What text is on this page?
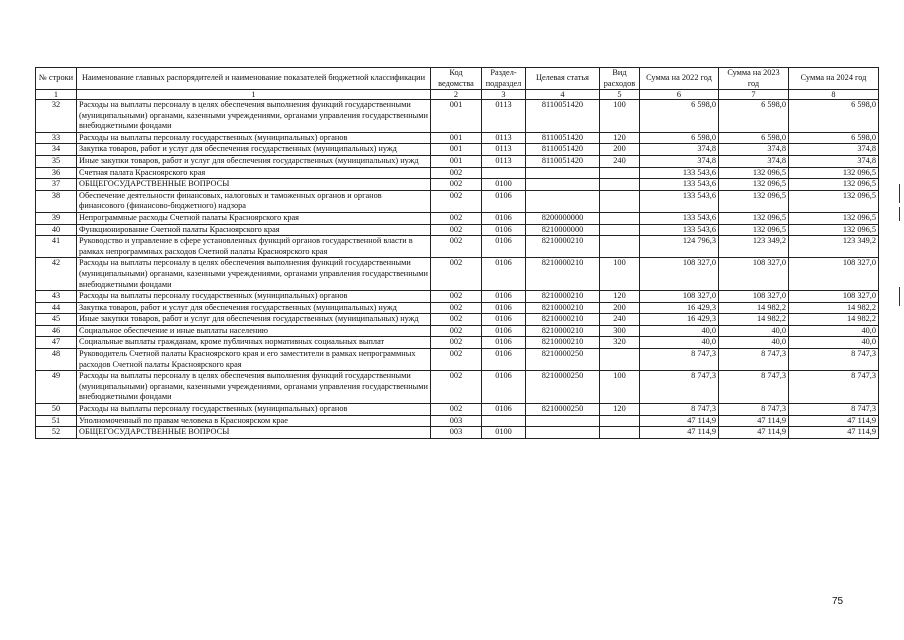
№ строки	Наименование главных распорядителей и наименование показателей бюджетной классификации	Код ведомства	Раздел-подраздел	Целевая статья	Вид расходов	Сумма на 2022 год	Сумма на 2023 год	Сумма на 2024 год
1	1	2	3	4	5	6	7	8
32	Расходы на выплаты персоналу в целях обеспечения выполнения функций государственными (муниципальными) органами, казенными учреждениями, органами управления государственными внебюджетными фондами	001	0113	8110051420	100	6 598,0	6 598,0	6 598,0
33	Расходы на выплаты персоналу государственных (муниципальных) органов	001	0113	8110051420	120	6 598,0	6 598,0	6 598,0
34	Закупка товаров, работ и услуг для обеспечения государственных (муниципальных) нужд	001	0113	8110051420	200	374,8	374,8	374,8
35	Иные закупки товаров, работ и услуг для обеспечения государственных (муниципальных) нужд	001	0113	8110051420	240	374,8	374,8	374,8
36	Счетная палата Красноярского края	002				133 543,6	132 096,5	132 096,5
37	ОБЩЕГОСУДАРСТВЕННЫЕ ВОПРОСЫ	002	0100			133 543,6	132 096,5	132 096,5
38	Обеспечение деятельности финансовых, налоговых и таможенных органов и органов финансового (финансово-бюджетного) надзора	002	0106			133 543,6	132 096,5	132 096,5
39	Непрограммные расходы Счетной палаты Красноярского края	002	0106	8200000000		133 543,6	132 096,5	132 096,5
40	Функционирование Счетной палаты Красноярского края	002	0106	8210000000		133 543,6	132 096,5	132 096,5
41	Руководство и управление в сфере установленных функций органов государственной власти в рамках непрограммных расходов Счетной палаты Красноярского края	002	0106	8210000210		124 796,3	123 349,2	123 349,2
42	Расходы на выплаты персоналу в целях обеспечения выполнения функций государственными (муниципальными) органами, казенными учреждениями, органами управления государственными внебюджетными фондами	002	0106	8210000210	100	108 327,0	108 327,0	108 327,0
43	Расходы на выплаты персоналу государственных (муниципальных) органов	002	0106	8210000210	120	108 327,0	108 327,0	108 327,0
44	Закупка товаров, работ и услуг для обеспечения государственных (муниципальных) нужд	002	0106	8210000210	200	16 429,3	14 982,2	14 982,2
45	Иные закупки товаров, работ и услуг для обеспечения государственных (муниципальных) нужд	002	0106	8210000210	240	16 429,3	14 982,2	14 982,2
46	Социальное обеспечение и иные выплаты населению	002	0106	8210000210	300	40,0	40,0	40,0
47	Социальные выплаты гражданам, кроме публичных нормативных социальных выплат	002	0106	8210000210	320	40,0	40,0	40,0
48	Руководитель Счетной палаты Красноярского края и его заместители в рамках непрограммных расходов Счетной палаты Красноярского края	002	0106	8210000250		8 747,3	8 747,3	8 747,3
49	Расходы на выплаты персоналу в целях обеспечения выполнения функций государственными (муниципальными) органами, казенными учреждениями, органами управления государственными внебюджетными фондами	002	0106	8210000250	100	8 747,3	8 747,3	8 747,3
50	Расходы на выплаты персоналу государственных (муниципальных) органов	002	0106	8210000250	120	8 747,3	8 747,3	8 747,3
51	Уполномоченный по правам человека в Красноярском крае	003				47 114,9	47 114,9	47 114,9
52	ОБЩЕГОСУДАРСТВЕННЫЕ ВОПРОСЫ	003	0100			47 114,9	47 114,9	47 114,9
75
